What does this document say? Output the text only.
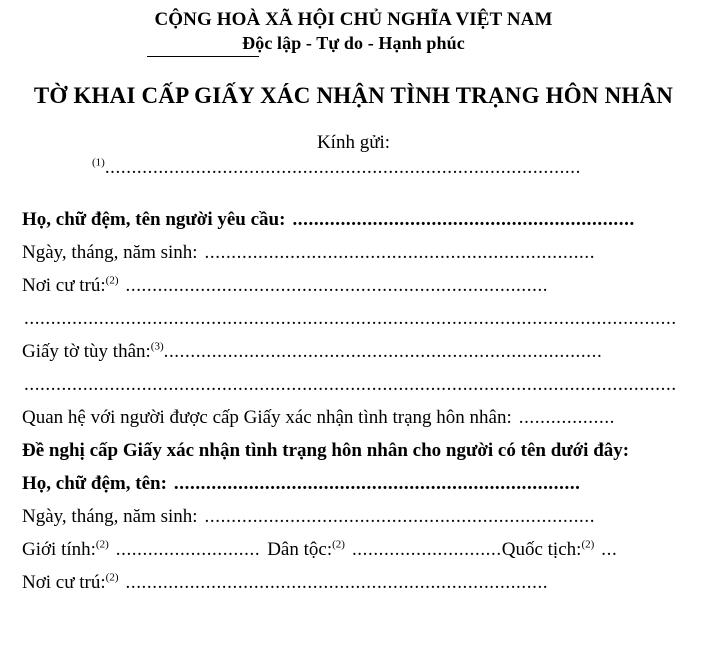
CỘNG HOÀ XÃ HỘI CHỦ NGHĨA VIỆT NAM
Độc lập - Tự do - Hạnh phúc
TỜ KHAI CẤP GIẤY XÁC NHẬN TÌNH TRẠNG HÔN NHÂN
Kính gửi:
$^{(1)}$.........................................................................................
Họ, chữ đệm, tên người yêu cầu: ................................................................
Ngày, tháng, năm sinh: .........................................................................
Nơi cư trú:$^{(2)}$ ...............................................................................
..........................................................................................................................
Giấy tờ tùy thân:$^{(3)}$..................................................................................
..........................................................................................................................
Quan hệ với người được cấp Giấy xác nhận tình trạng hôn nhân: ..................
Đề nghị cấp Giấy xác nhận tình trạng hôn nhân cho người có tên dưới đây:
Họ, chữ đệm, tên: ............................................................................
Ngày, tháng, năm sinh: .........................................................................
Giới tính:$^{(2)}$ ........................... Dân tộc:$^{(2)}$ ............................Quốc tịch:$^{(2)}$ ...
Nơi cư trú:$^{(2)}$ ...............................................................................
